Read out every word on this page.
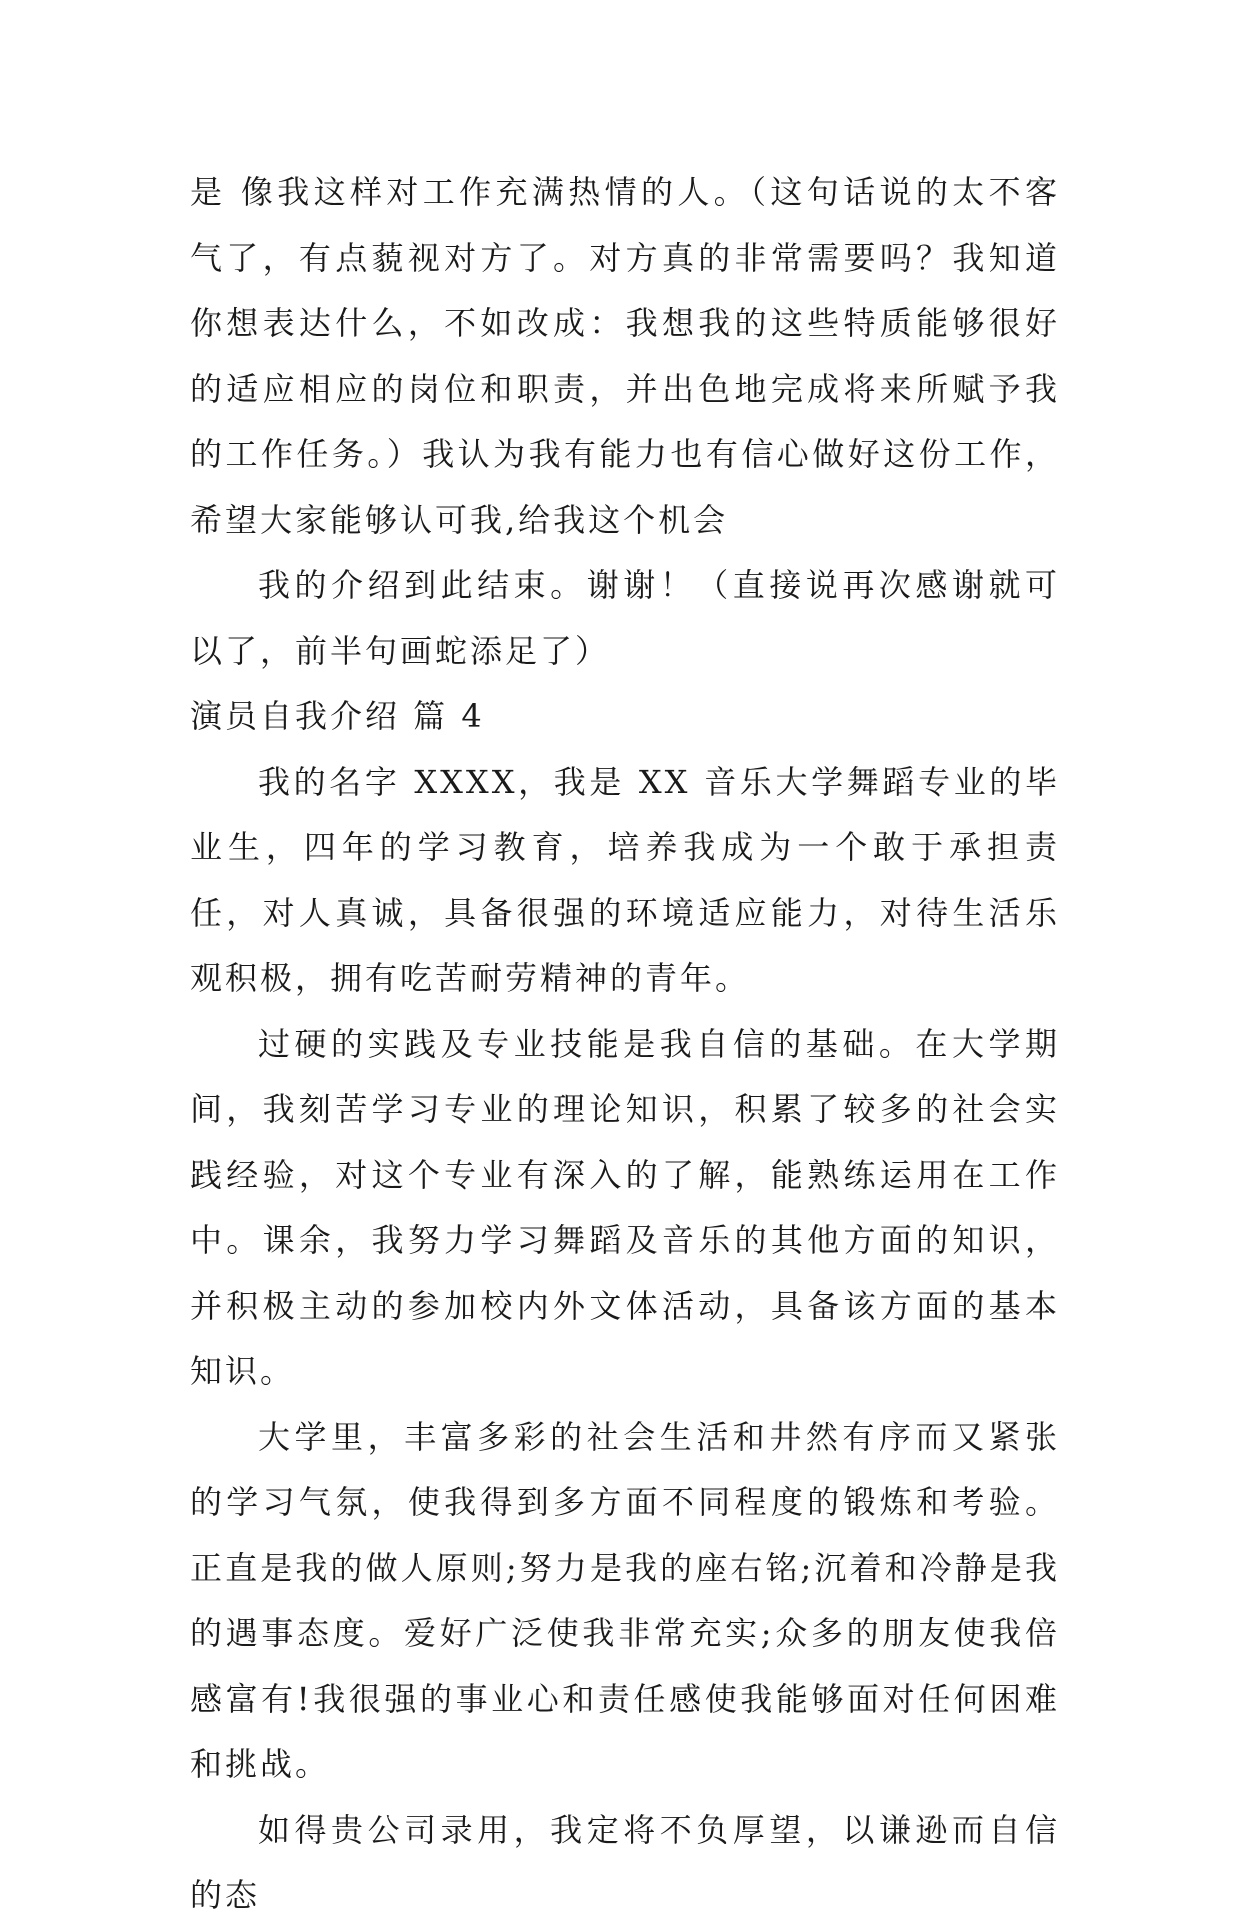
是 像我这样对工作充满热情的人。（这句话说的太不客气了，有点藐视对方了。对方真的非常需要吗？我知道你想表达什么，不如改成：我想我的这些特质能够很好的适应相应的岗位和职责，并出色地完成将来所赋予我的工作任务。）我认为我有能力也有信心做好这份工作，希望大家能够认可我,给我这个机会

我的介绍到此结束。谢谢！（直接说再次感谢就可以了，前半句画蛇添足了）

演员自我介绍 篇 4

我的名字 XXXX，我是 XX 音乐大学舞蹈专业的毕业生，四年的学习教育，培养我成为一个敢于承担责任，对人真诚，具备很强的环境适应能力，对待生活乐观积极，拥有吃苦耐劳精神的青年。

过硬的实践及专业技能是我自信的基础。在大学期间，我刻苦学习专业的理论知识，积累了较多的社会实践经验，对这个专业有深入的了解，能熟练运用在工作中。课余，我努力学习舞蹈及音乐的其他方面的知识，并积极主动的参加校内外文体活动，具备该方面的基本知识。

大学里，丰富多彩的社会生活和井然有序而又紧张的学习气氛，使我得到多方面不同程度的锻炼和考验。正直是我的做人原则;努力是我的座右铭;沉着和冷静是我的遇事态度。爱好广泛使我非常充实;众多的朋友使我倍感富有!我很强的事业心和责任感使我能够面对任何困难和挑战。

如得贵公司录用，我定将不负厚望，以谦逊而自信的态
